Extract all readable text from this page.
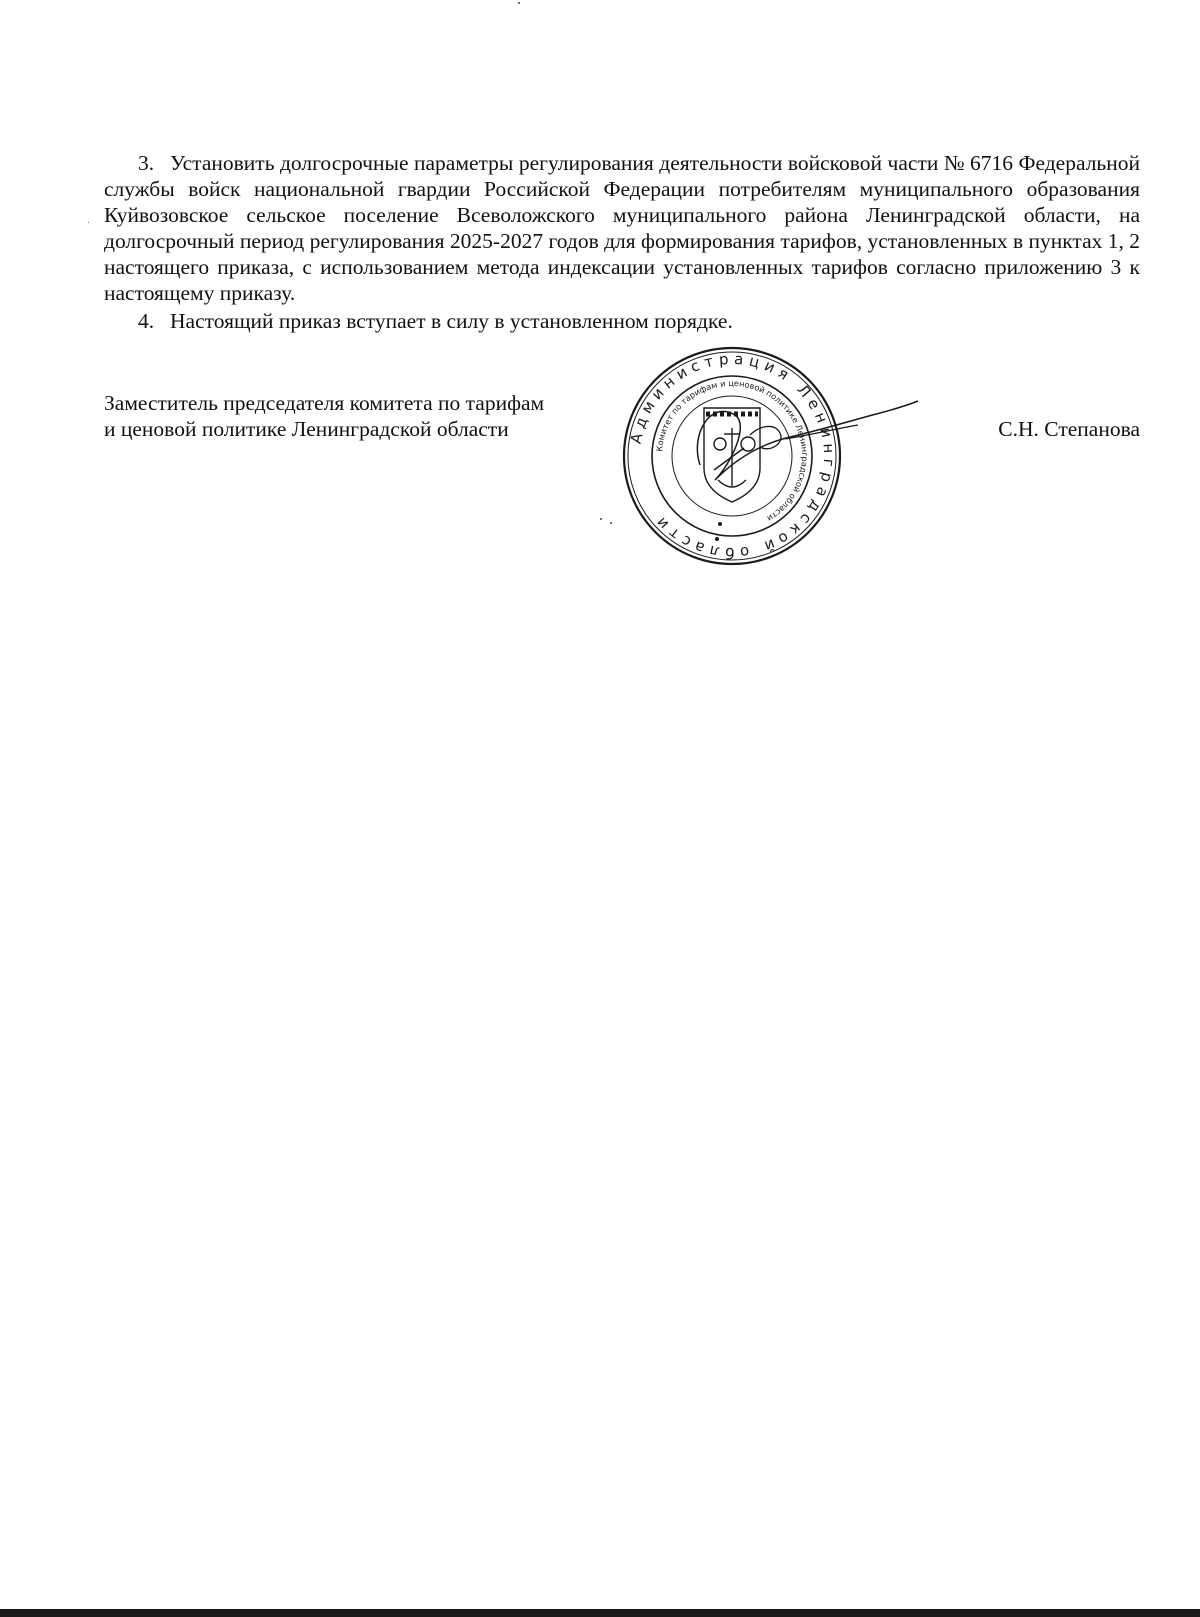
3. Установить долгосрочные параметры регулирования деятельности войсковой части № 6716 Федеральной службы войск национальной гвардии Российской Федерации потребителям муниципального образования Куйвозовское сельское поселение Всеволожского муниципального района Ленинградской области, на долгосрочный период регулирования 2025-2027 годов для формирования тарифов, установленных в пунктах 1, 2 настоящего приказа, с использованием метода индексации установленных тарифов согласно приложению 3 к настоящему приказу.

4. Настоящий приказ вступает в силу в установленном порядке.

Заместитель председателя комитета по тарифам
и ценовой политике Ленинградской области	С.Н. Степанова
Администрация Ленинградской области
Комитет по тарифам и ценовой политике Ленинградской области
